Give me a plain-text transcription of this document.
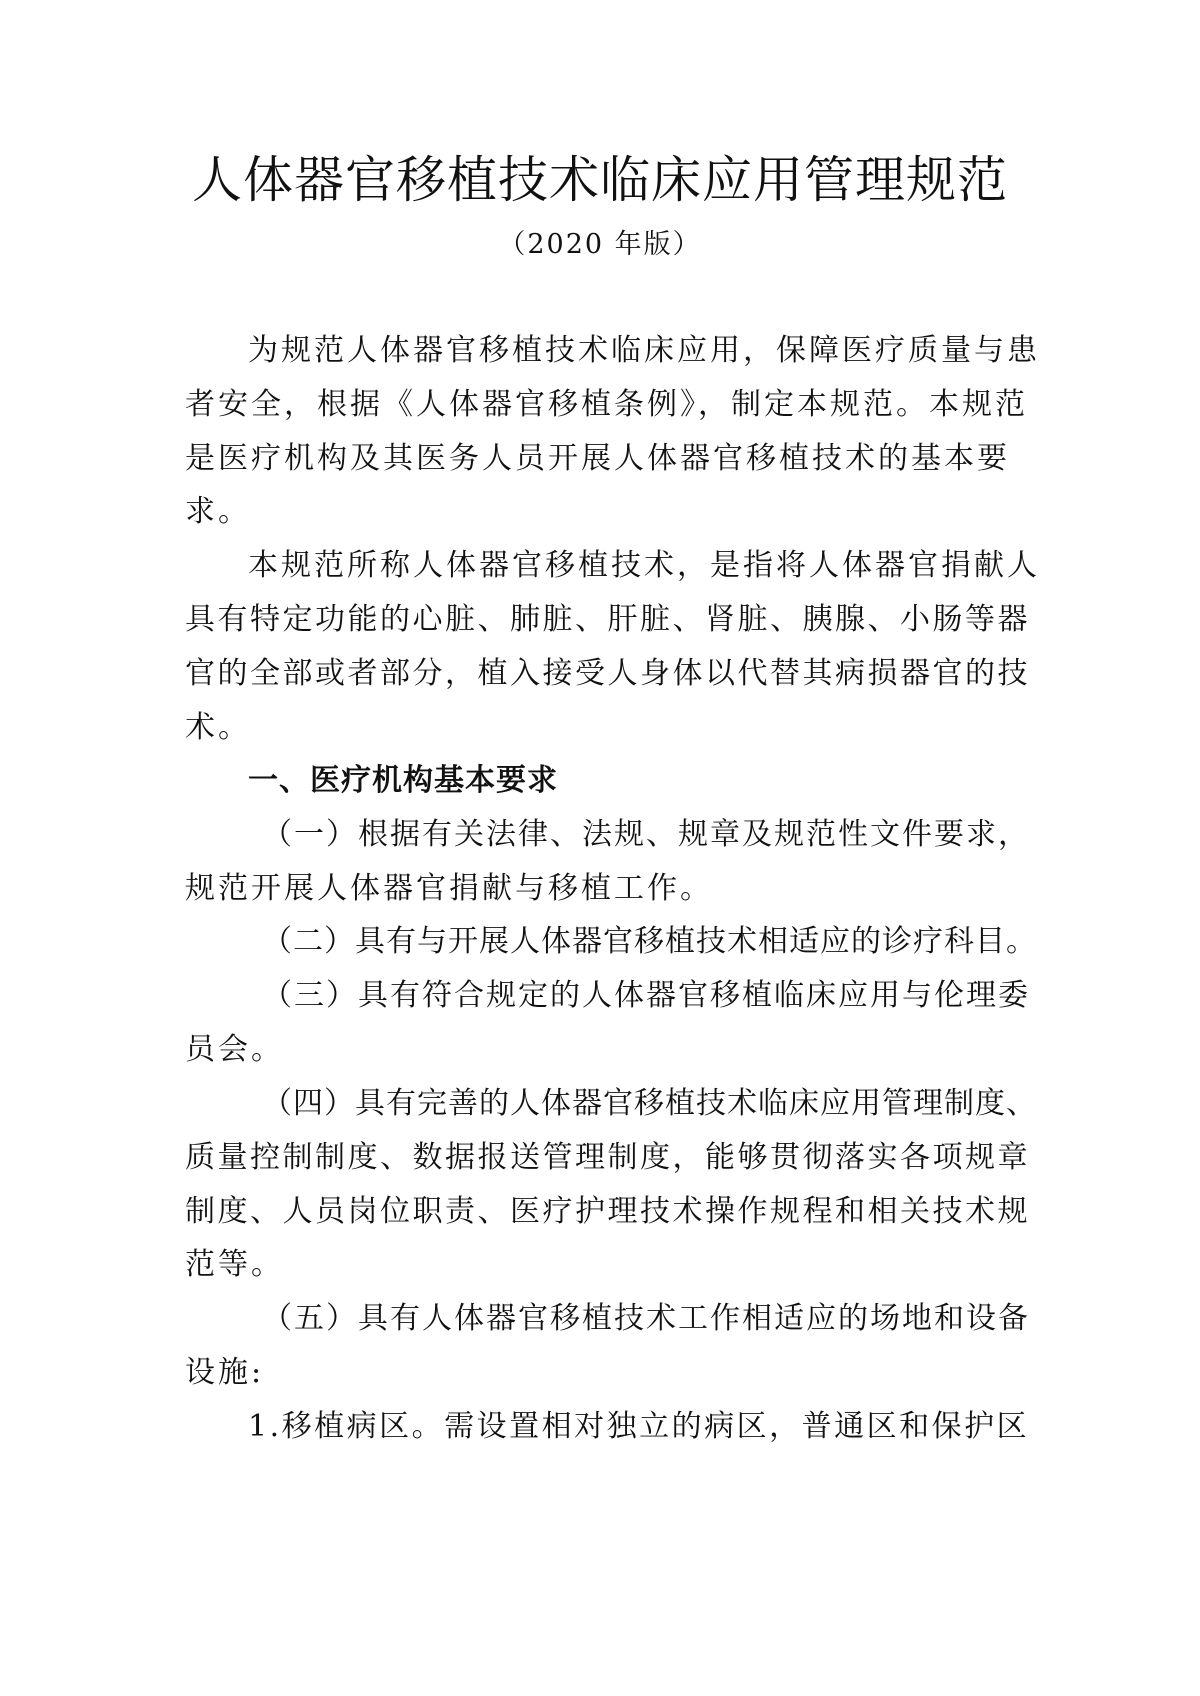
人体器官移植技术临床应用管理规范
（2020 年版）
为规范人体器官移植技术临床应用，保障医疗质量与患
者安全，根据《人体器官移植条例》，制定本规范。本规范
是医疗机构及其医务人员开展人体器官移植技术的基本要
求。
本规范所称人体器官移植技术，是指将人体器官捐献人
具有特定功能的心脏、肺脏、肝脏、肾脏、胰腺、小肠等器
官的全部或者部分，植入接受人身体以代替其病损器官的技
术。
一、医疗机构基本要求
（一）根据有关法律、法规、规章及规范性文件要求，
规范开展人体器官捐献与移植工作。
（二）具有与开展人体器官移植技术相适应的诊疗科目。
（三）具有符合规定的人体器官移植临床应用与伦理委
员会。
（四）具有完善的人体器官移植技术临床应用管理制度、
质量控制制度、数据报送管理制度，能够贯彻落实各项规章
制度、人员岗位职责、医疗护理技术操作规程和相关技术规
范等。
（五）具有人体器官移植技术工作相适应的场地和设备
设施:
1.移植病区。需设置相对独立的病区，普通区和保护区
